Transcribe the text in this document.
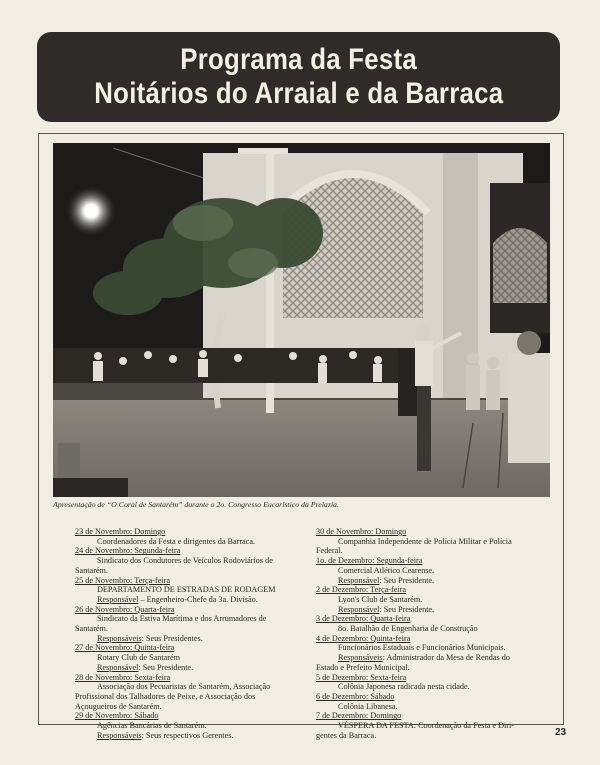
Programa da Festa
Noitários do Arraial e da Barraca
Apresentação de “O Coral de Santarém” durante o 2o. Congresso Eucarístico da Prelazia.
23 de Novembro: Domingo
Coordenadores da Festa e dirigentes da Barraca.
24 de Novembro: Segunda-feira
Sindicato dos Condutores de Veículos Rodoviários de
Santarém.
25 de Novembro: Terça-feira
DEPARTAMENTO DE ESTRADAS DE RODAGEM
Responsável – Engenheiro-Chefe da 3a. Divisão.
26 de Novembro: Quarta-feira
Sindicato da Estiva Marítima e dos Arrumadores de
Santarém.
Responsáveis: Seus Presidentes.
27 de Novembro: Quinta-feira
Rotary Club de Santarém
Responsável: Seu Presidente.
28 de Novembro: Sexta-feira
Associação dos Pecuaristas de Santarém, Associação
Profissional dos Talhadores de Peixe, e Associação dos
Açougueiros de Santarém.
29 de Novembro: Sábado
Agências Bancárias de Santarém.
Responsáveis: Seus respectivos Gerentes.
30 de Novembro: Domingo
Companhia Independente de Polícia Militar e Polícia
Federal.
1o. de Dezembro: Segunda-feira
Comercial Atlético Cearense.
Responsável: Seu Presidente.
2 de Dezembro: Terça-feira
Lyon's Club de Santarém.
Responsável: Seu Presidente.
3 de Dezembro: Quarta-feira
8o. Batalhão de Engenharia de Construção
4 de Dezembro: Quinta-feira
Funcionários Estaduais e Funcionários Municipais.
Responsáveis: Administrador da Mesa de Rendas do
Estado e Prefeito Municipal.
5 de Dezembro: Sexta-feira
Colônia Japonesa radicada nesta cidade.
6 de Dezembro: Sábado
Colônia Libanesa.
7 de Dezembro: Domingo
VÉSPERA DA FESTA: Coordenação da Festa e Diri-
gentes da Barraca.	23
